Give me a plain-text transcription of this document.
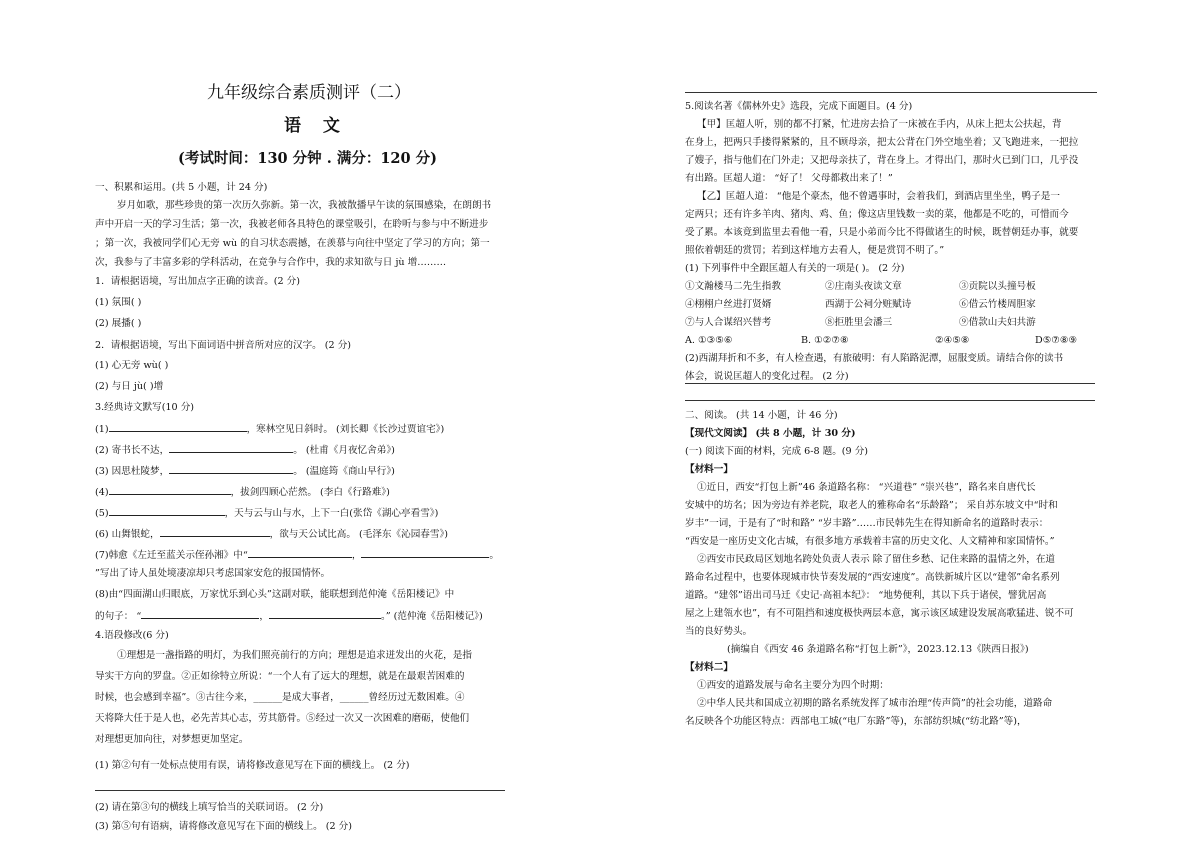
九年级综合素质测评（二）
语 文
(考试时间：130 分钟 . 满分：120 分)
一、积累和运用。(共 5 小题，计 24 分)
岁月如歌，那些珍贵的第一次历久弥新。第一次，我被散播早午读的氛围感染，在朗朗书
声中开启一天的学习生活；第一次，我被老师各具特色的课堂吸引，在聆听与参与中不断进步
；第一次，我被同学们心无旁 wù 的自习状态震撼，在羡慕与向往中坚定了学习的方向；第一
次，我参与了丰富多彩的学科活动，在竞争与合作中，我的求知欲与日 jù 增………
1．请根据语境，写出加点字正确的读音。(2 分)
(1) 氛围( )
(2) 展播( )
2．请根据语境，写出下面词语中拼音所对应的汉字。 (2 分)
(1) 心无旁 wù( )
(2) 与日 jù( )增
3.经典诗文默写(10 分)
(1)	，寒林空见日斜时。 (刘长卿《长沙过贾谊宅》)
(2) 寄书长不达，	。 (杜甫《月夜忆舍弟》)
(3) 因思杜陵梦，	。 (温庭筠《商山早行》)
(4)	，拔剑四顾心茫然。 (李白《行路难》)
(5)	，天与云与山与水，上下一白(张岱《湖心亭看雪》)
(6) 山舞银蛇，	，欲与天公试比高。 (毛泽东《沁园春雪》)
(7)韩愈《左迁至蓝关示侄孙湘》中“	，	。
”写出了诗人虽处境凄凉却只考虑国家安危的报国情怀。
(8)由“四面湖山归眼底，万家忧乐到心头”这副对联，能联想到范仲淹《岳阳楼记》中
的句子： “	，	。” (范仲淹《岳阳楼记》)
4.语段修改(6 分)
①理想是一盏指路的明灯，为我们照亮前行的方向；理想是追求迸发出的火花，是指
导实干方向的罗盘。②正如徐特立所说：“一个人有了远大的理想，就是在最艰苦困难的
时候，也会感到幸福”。③古往今来，______是成大事者，______曾经历过无数困难。④
天将降大任于是人也，必先苦其心志，劳其筋骨。⑤经过一次又一次困难的磨砺，使他们
对理想更加向往，对梦想更加坚定。
(1) 第②句有一处标点使用有误，请将修改意见写在下面的横线上。 (2 分)
(2) 请在第③句的横线上填写恰当的关联词语。 (2 分)
(3) 第⑤句有语病，请将修改意见写在下面的横线上。 (2 分)
5.阅读名著《儒林外史》选段，完成下面题目。(4 分)
【甲】匡超人听，别的都不打紧，忙进房去拾了一床被在手内，从床上把太公扶起，背
在身上，把两只手搂得紧紧的，且不顾母亲，把太公背在门外空地坐着；又飞跑进来，一把拉
了嫂子，指与他们在门外走；又把母亲扶了，背在身上。才得出门，那时火已到门口，几乎没
有出路。匡超人道： “好了！ 父母都救出来了！”
【乙】匡超人道： “他是个豪杰，他不曾遇事时，会着我们，到酒店里坐坐，鸭子是一
定两只；还有许多羊肉、猪肉、鸡、鱼；像这店里钱数一卖的菜，他都是不吃的，可惜而今
受了累。本该竟到监里去看他一看，只是小弟而今比不得做诸生的时候，既替朝廷办事，就要
照依着朝廷的赏罚；若到这样地方去看人，便是赏罚不明了。”
(1) 下列事件中全跟匡超人有关的一项是( )。 (2 分)
①文瀚楼马二先生指教	②庄南头夜读文章	③贡院以头撞号板
④栩栩户丝进打贤婿	西湖于公祠分赃赋诗	⑥借云竹楼周胆家
⑦与人合谋绍兴替考	⑧拒胜里会潘三	⑨借款山夫妇共游
A. ①③⑤⑥	B. ①②⑦⑧	②④⑤⑧	D⑤⑦⑧⑨
(2)西湖拜折和不多，有人检查遇，有旅破明：有人陷路泥潭，屈服变质。请结合你的读书
体会，说说匡超人的变化过程。 (2 分)
二、阅读。 (共 14 小题，计 46 分)
【现代文阅读】 (共 8 小题，计 30 分)
(一) 阅读下面的材料，完成 6-8 题。(9 分)
【材料一】
①近日，西安“打包上新”46 条道路名称： “兴道巷” “崇兴巷”，路名来自唐代长
安城中的坊名；因为旁边有养老院，取老人的雅称命名“乐龄路”； 采自苏东坡文中“时和
岁丰”一词，于是有了“时和路” “岁丰路”……市民韩先生在得知新命名的道路时表示：
“西安是一座历史文化古城，有很多地方承载着丰富的历史文化、人文精神和家国情怀。”
②西安市民政局区划地名跨处负责人表示 除了留住乡愁、记住来路的温情之外，在道
路命名过程中，也要体现城市快节奏发展的“西安速度”。高铁新城片区以“建邻”命名系列
道路。“建邻”语出司马迁《史记·高祖本纪》： “地势便利，其以下兵于诸侯，譬犹居高
屋之上建瓴水也”，有不可阻挡和速度极快两层本意，寓示该区域建设发展高歌猛进、锐不可
当的良好势头。
(摘编自《西安 46 条道路名称“打包上新”》，2023.12.13《陕西日报》)
【材料二】
①西安的道路发展与命名主要分为四个时期：
②中华人民共和国成立初期的路名系统发挥了城市治理“传声筒”的社会功能，道路命
名反映各个功能区特点：西部电工城(“电厂东路”等)，东部纺织城(“纺北路”等)，
